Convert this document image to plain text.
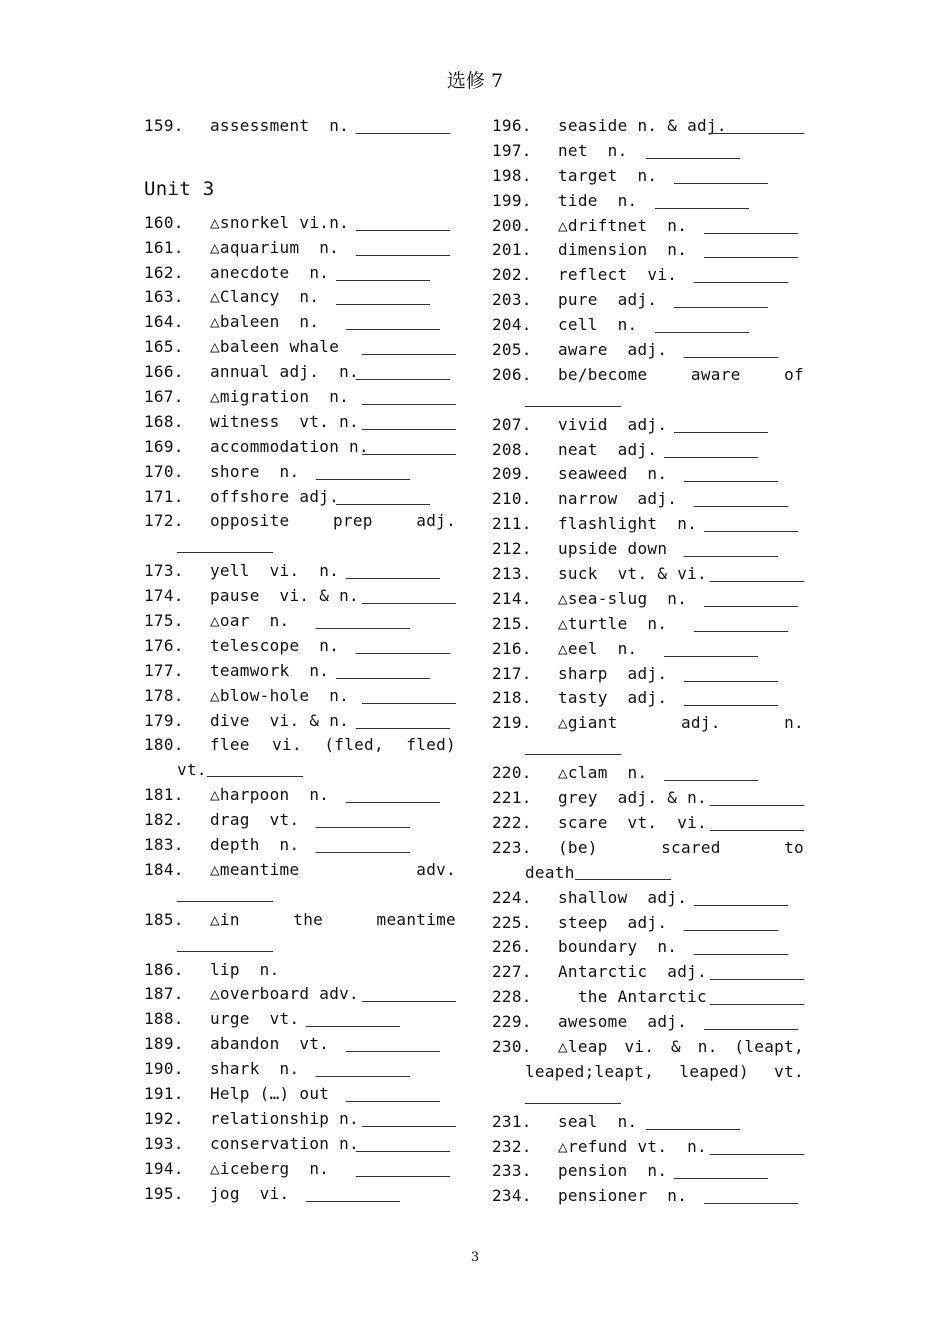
选修 7
159. assessment  n.
Unit 3
160. △snorkel vi.n.
161. △aquarium  n.
162. anecdote  n.
163. △Clancy  n.
164. △baleen  n.
165. △baleen whale
166. annual adj.  n.
167. △migration  n.
168. witness  vt. n.
169. accommodation n.
170. shore  n.
171. offshore adj.
172.	opposite	prep	adj.
173. yell  vi.  n.
174. pause  vi. & n.
175. △oar  n.
176. telescope  n.
177. teamwork  n.
178. △blow-hole  n.
179. dive  vi. & n.
180.	flee vi. (fled, fled)
vt.
181. △harpoon  n.
182. drag  vt.
183. depth  n.
184.	△meantime	adv.
185.	△in	the	meantime
186. lip  n.
187. △overboard adv.
188. urge  vt.
189. abandon  vt.
190. shark  n.
191. Help (…) out
192. relationship n.
193. conservation n.
194. △iceberg  n.
195. jog  vi.
196. seaside n. & adj.
197. net  n.
198. target  n.
199. tide  n.
200. △driftnet  n.
201. dimension  n.
202. reflect  vi.
203. pure  adj.
204. cell  n.
205. aware  adj.
206.	be/become	aware	of
207. vivid  adj.
208. neat  adj.
209. seaweed  n.
210. narrow  adj.
211. flashlight  n.
212. upside down
213. suck  vt. & vi.
214. △sea-slug  n.
215. △turtle  n.
216. △eel  n.
217. sharp  adj.
218. tasty  adj.
219.	△giant	adj.	n.
220. △clam  n.
221. grey  adj. & n.
222. scare  vt.  vi.
223.	(be)	scared	to
death
224. shallow  adj.
225. steep  adj.
226. boundary  n.
227. Antarctic  adj.
228.  the Antarctic
229. awesome  adj.
230.	△leap vi. & n. (leapt,
leaped;leapt, leaped) vt.
231. seal  n.
232. △refund vt.  n.
233. pension  n.
234. pensioner  n.
3
